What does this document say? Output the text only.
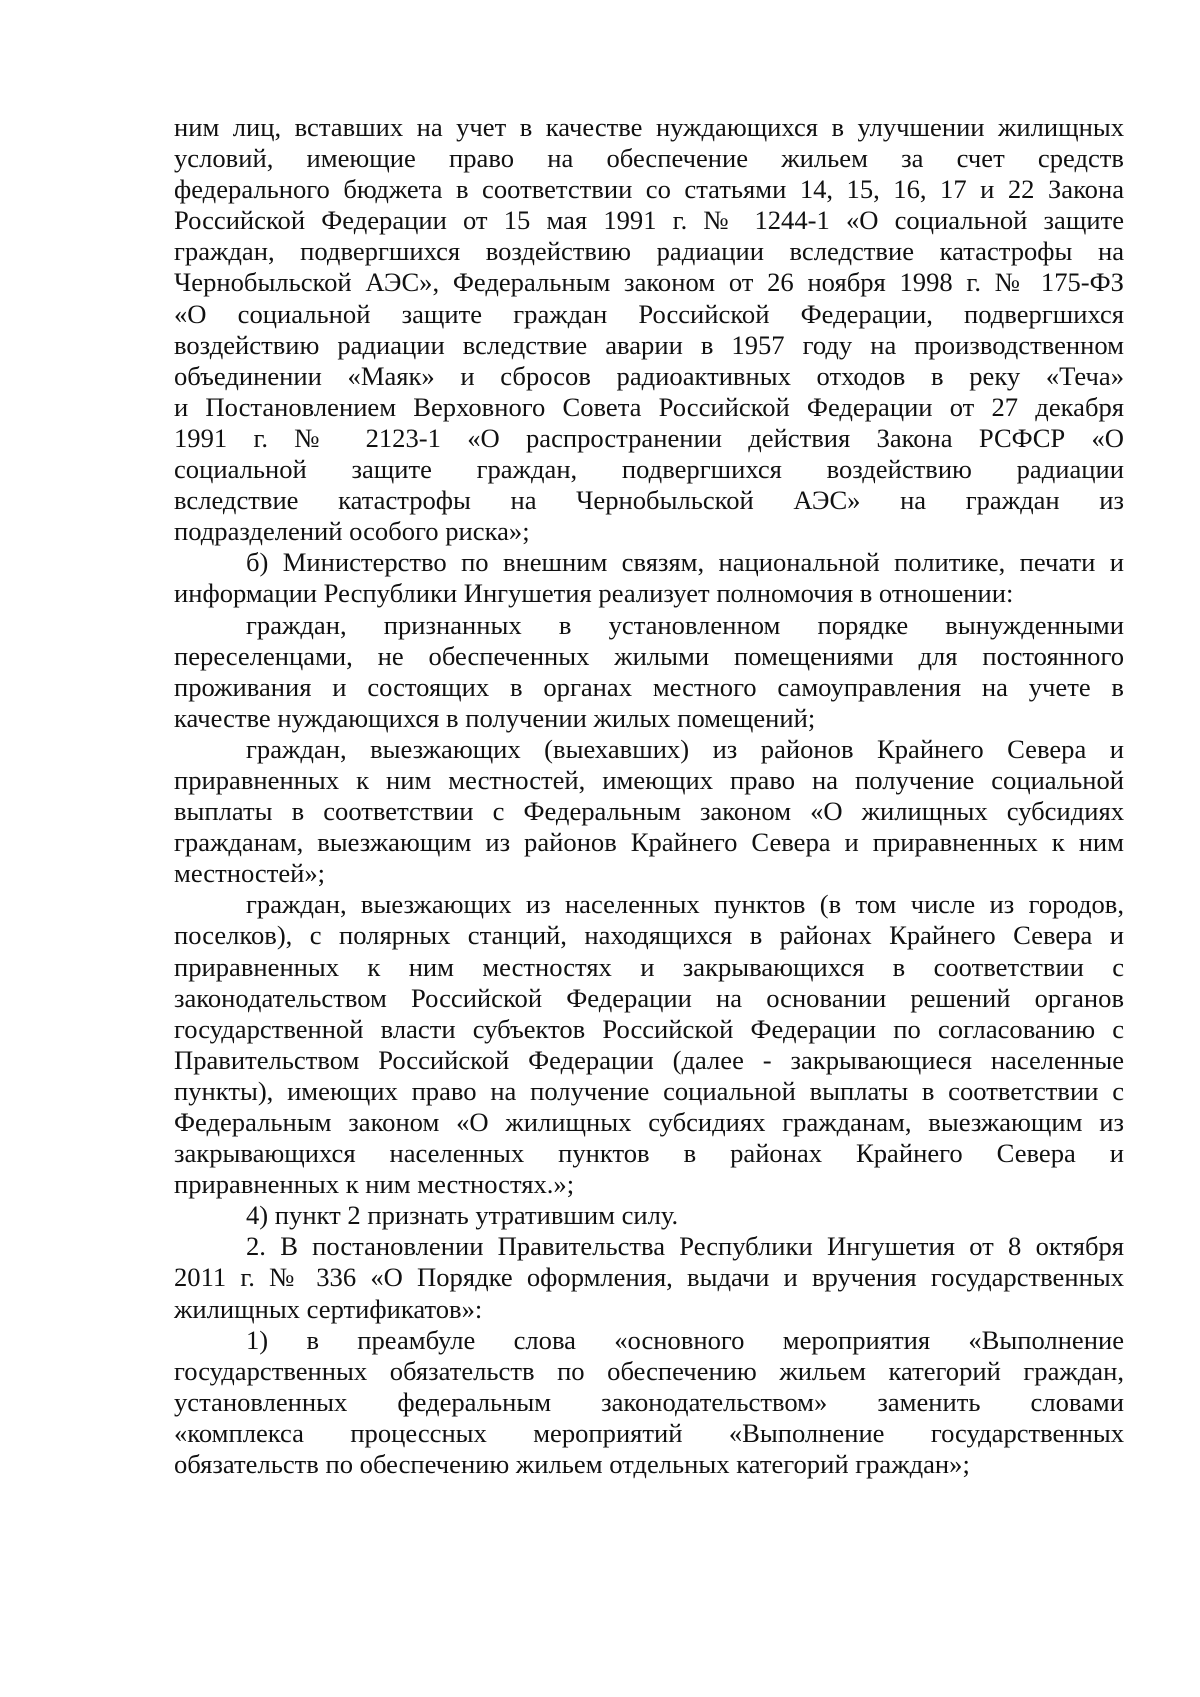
ним лиц, вставших на учет в качестве нуждающихся в улучшении жилищных
условий, имеющие право на обеспечение жильем за счет средств
федерального бюджета в соответствии со статьями 14, 15, 16, 17 и 22 Закона
Российской Федерации от 15 мая 1991 г. № 1244-1 «О социальной защите
граждан, подвергшихся воздействию радиации вследствие катастрофы на
Чернобыльской АЭС», Федеральным законом от 26 ноября 1998 г. № 175-ФЗ
«О социальной защите граждан Российской Федерации, подвергшихся
воздействию радиации вследствие аварии в 1957 году на производственном
объединении «Маяк» и сбросов радиоактивных отходов в реку «Теча»
и Постановлением Верховного Совета Российской Федерации от 27 декабря
1991 г. № 2123-1 «О распространении действия Закона РСФСР «О
социальной защите граждан, подвергшихся воздействию радиации
вследствие катастрофы на Чернобыльской АЭС» на граждан из
подразделений особого риска»;

б) Министерство по внешним связям, национальной политике, печати и
информации Республики Ингушетия реализует полномочия в отношении:

граждан, признанных в установленном порядке вынужденными
переселенцами, не обеспеченных жилыми помещениями для постоянного
проживания и состоящих в органах местного самоуправления на учете в
качестве нуждающихся в получении жилых помещений;

граждан, выезжающих (выехавших) из районов Крайнего Севера и
приравненных к ним местностей, имеющих право на получение социальной
выплаты в соответствии с Федеральным законом «О жилищных субсидиях
гражданам, выезжающим из районов Крайнего Севера и приравненных к ним
местностей»;

граждан, выезжающих из населенных пунктов (в том числе из городов,
поселков), с полярных станций, находящихся в районах Крайнего Севера и
приравненных к ним местностях и закрывающихся в соответствии с
законодательством Российской Федерации на основании решений органов
государственной власти субъектов Российской Федерации по согласованию с
Правительством Российской Федерации (далее - закрывающиеся населенные
пункты), имеющих право на получение социальной выплаты в соответствии с
Федеральным законом «О жилищных субсидиях гражданам, выезжающим из
закрывающихся населенных пунктов в районах Крайнего Севера и
приравненных к ним местностях.»;

4) пункт 2 признать утратившим силу.

2. В постановлении Правительства Республики Ингушетия от 8 октября
2011 г. № 336 «О Порядке оформления, выдачи и вручения государственных
жилищных сертификатов»:

1) в преамбуле слова «основного мероприятия «Выполнение
государственных обязательств по обеспечению жильем категорий граждан,
установленных федеральным законодательством» заменить словами
«комплекса процессных мероприятий «Выполнение государственных
обязательств по обеспечению жильем отдельных категорий граждан»;
